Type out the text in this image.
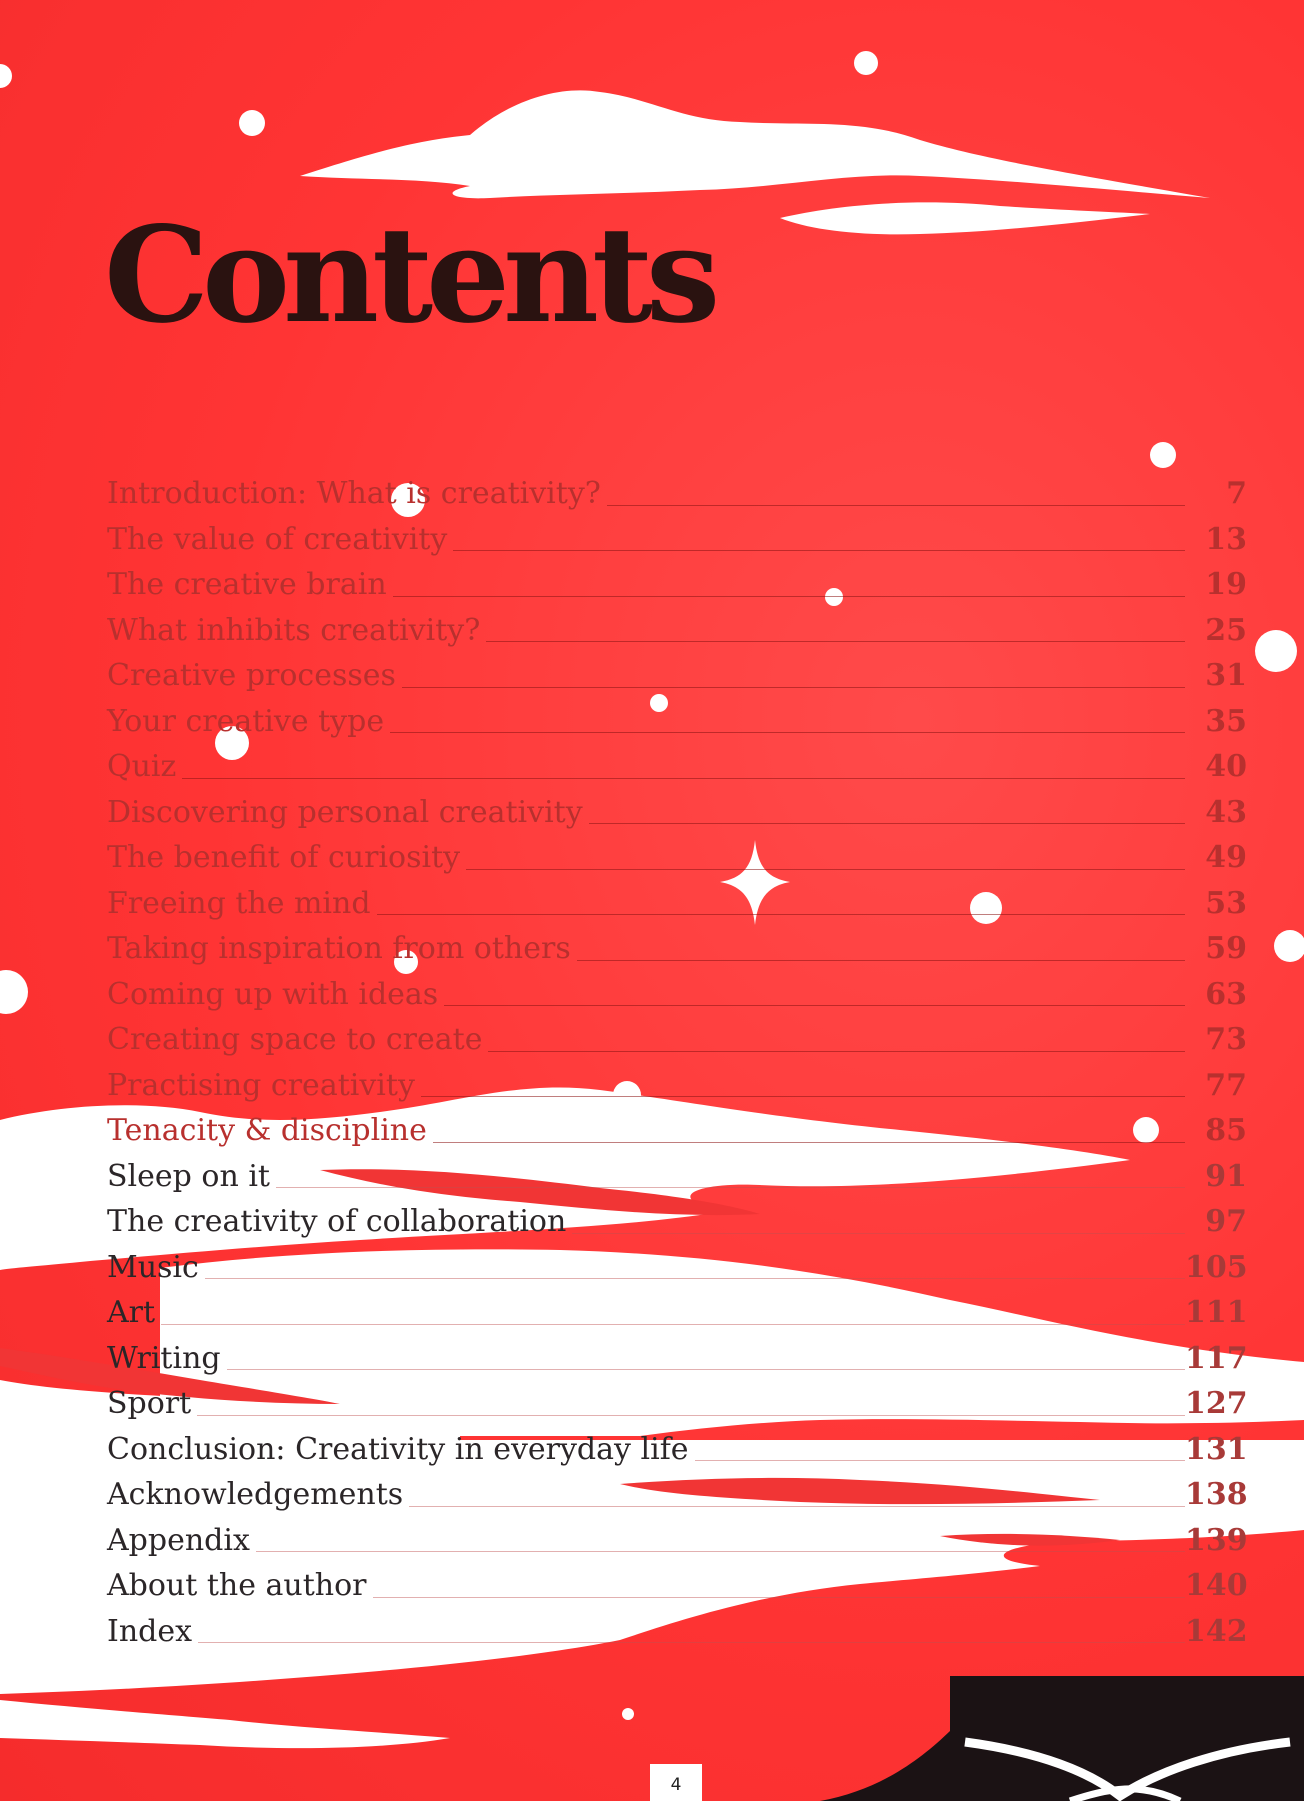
Contents
Introduction: What is creativity?	7
The value of creativity	13
The creative brain	19
What inhibits creativity?	25
Creative processes	31
Your creative type	35
Quiz	40
Discovering personal creativity	43
The benefit of curiosity	49
Freeing the mind	53
Taking inspiration from others	59
Coming up with ideas	63
Creating space to create	73
Practising creativity	77
Tenacity & discipline	85
Sleep on it	91
The creativity of collaboration	97
Music	105
Art	111
Writing	117
Sport	127
Conclusion: Creativity in everyday life	131
Acknowledgements	138
Appendix	139
About the author	140
Index	142
4
